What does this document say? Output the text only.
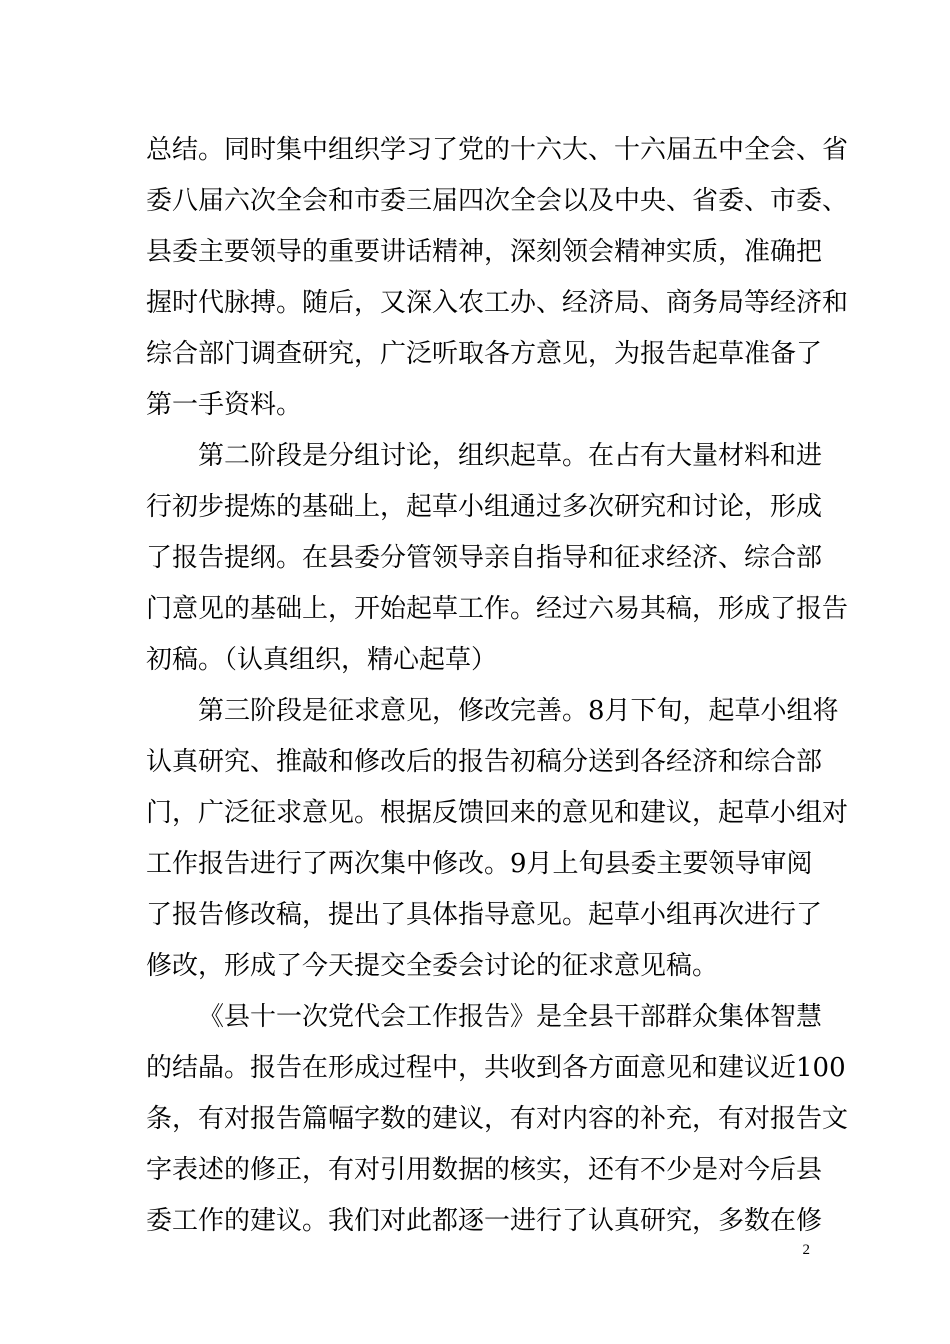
总结。同时集中组织学习了党的十六大、十六届五中全会、省
委八届六次全会和市委三届四次全会以及中央、省委、市委、
县委主要领导的重要讲话精神，深刻领会精神实质，准确把
握时代脉搏。随后，又深入农工办、经济局、商务局等经济和
综合部门调查研究，广泛听取各方意见，为报告起草准备了
第一手资料。
第二阶段是分组讨论，组织起草。在占有大量材料和进
行初步提炼的基础上，起草小组通过多次研究和讨论，形成
了报告提纲。在县委分管领导亲自指导和征求经济、综合部
门意见的基础上，开始起草工作。经过六易其稿，形成了报告
初稿。（认真组织，精心起草）
第三阶段是征求意见，修改完善。8月下旬，起草小组将
认真研究、推敲和修改后的报告初稿分送到各经济和综合部
门，广泛征求意见。根据反馈回来的意见和建议，起草小组对
工作报告进行了两次集中修改。9月上旬县委主要领导审阅
了报告修改稿，提出了具体指导意见。起草小组再次进行了
修改，形成了今天提交全委会讨论的征求意见稿。
《县十一次党代会工作报告》是全县干部群众集体智慧
的结晶。报告在形成过程中，共收到各方面意见和建议近100
条，有对报告篇幅字数的建议，有对内容的补充，有对报告文
字表述的修正，有对引用数据的核实，还有不少是对今后县
委工作的建议。我们对此都逐一进行了认真研究，多数在修
2
